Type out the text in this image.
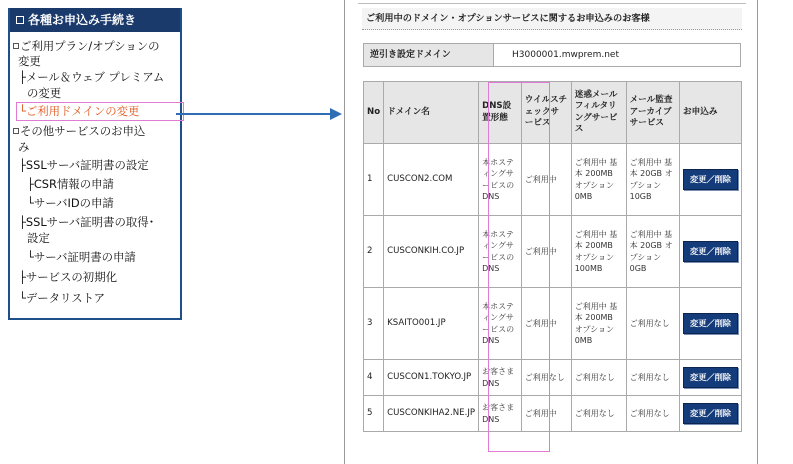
各種お申込み手続き
ご利用プラン/オプションの
変更
├メール＆ウェブ プレミアム
の変更
└ご利用ドメインの変更
その他サービスのお申込
み
├SSLサーバ証明書の設定
├CSR情報の申請
└サーバIDの申請
├SSLサーバ証明書の取得･
設定
└サーバ証明書の申請
├サービスの初期化
└データリストア
ご利用中のドメイン・オプションサービスに関するお申込みのお客様
逆引き設定ドメイン	H3000001.mwprem.net
No	ドメイン名	DNS設置形態	ウイルスチェックサービス	迷惑メールフィルタリングサービス	メール監査アーカイブサービス	お申込み
1	CUSCON2.COM	本ホスティングサービスのDNS	ご利用中	ご利用中 基本 200MB オプション 0MB	ご利用中 基本 20GB オプション 10GB	変更／削除
2	CUSCONKIH.CO.JP	本ホスティングサービスのDNS	ご利用中	ご利用中 基本 200MB オプション 100MB	ご利用中 基本 20GB オプション 0GB	変更／削除
3	KSAITO001.JP	本ホスティングサービスのDNS	ご利用中	ご利用中 基本 200MB オプション 0MB	ご利用なし	変更／削除
4	CUSCON1.TOKYO.JP	お客さまDNS	ご利用なし	ご利用なし	ご利用なし	変更／削除
5	CUSCONKIHA2.NE.JP	お客さまDNS	ご利用中	ご利用なし	ご利用なし	変更／削除
